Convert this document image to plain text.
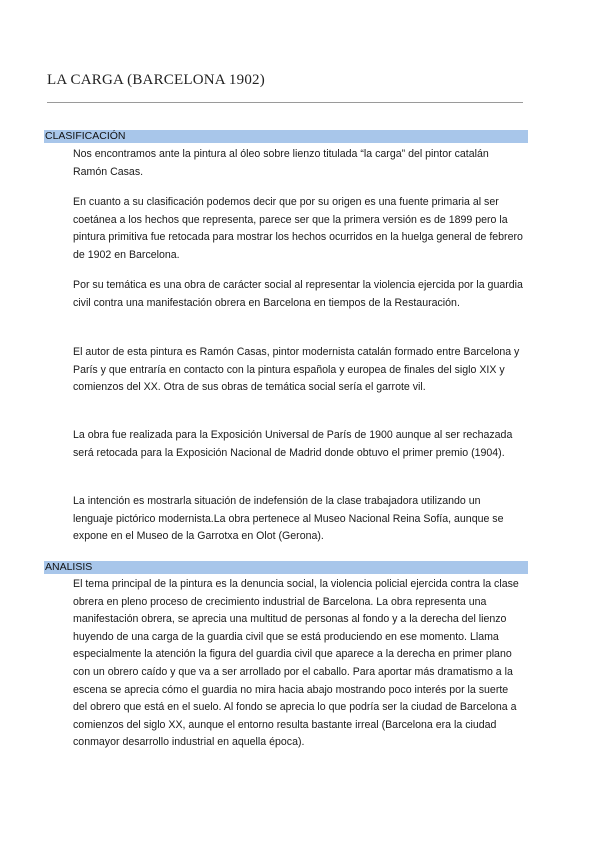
LA CARGA (BARCELONA 1902)
CLASIFICACIÓN

Nos encontramos ante la pintura al óleo sobre lienzo titulada “la carga” del pintor catalán Ramón Casas.

En cuanto a su clasificación podemos decir que por su origen es una fuente primaria al ser coetánea a los hechos que representa, parece ser que la primera versión es de 1899 pero la pintura primitiva fue retocada para mostrar los hechos ocurridos en la huelga general de febrero de 1902 en Barcelona.

Por su temática es una obra de carácter social al representar la violencia ejercida por la guardia civil contra una manifestación obrera en Barcelona en tiempos de la Restauración.

El autor de esta pintura es Ramón Casas, pintor modernista catalán formado entre Barcelona y París y que entraría en contacto con la pintura española y europea de finales del siglo XIX y comienzos del XX. Otra de sus obras de temática social sería el garrote vil.

La obra fue realizada para la Exposición Universal de París de 1900 aunque al ser rechazada será retocada para la Exposición Nacional de Madrid donde obtuvo el primer premio (1904).

La intención es mostrarla situación de indefensión de la clase trabajadora utilizando un lenguaje pictórico modernista.La obra pertenece al Museo Nacional Reina Sofía, aunque se expone en el Museo de la Garrotxa en Olot (Gerona).

ANALISIS

El tema principal de la pintura es la denuncia social, la violencia policial ejercida contra la clase obrera en pleno proceso de crecimiento industrial de Barcelona. La obra representa una manifestación obrera, se aprecia una multitud de personas al fondo y a la derecha del lienzo huyendo de una carga de la guardia civil que se está produciendo en ese momento. Llama especialmente la atención la figura del guardia civil que aparece a la derecha en primer plano con un obrero caído y que va a ser arrollado por el caballo. Para aportar más dramatismo a la escena se aprecia cómo el guardia no mira hacia abajo mostrando poco interés por la suerte del obrero que está en el suelo. Al fondo se aprecia lo que podría ser la ciudad de Barcelona a comienzos del siglo XX, aunque el entorno resulta bastante irreal (Barcelona era la ciudad conmayor desarrollo industrial en aquella época).
